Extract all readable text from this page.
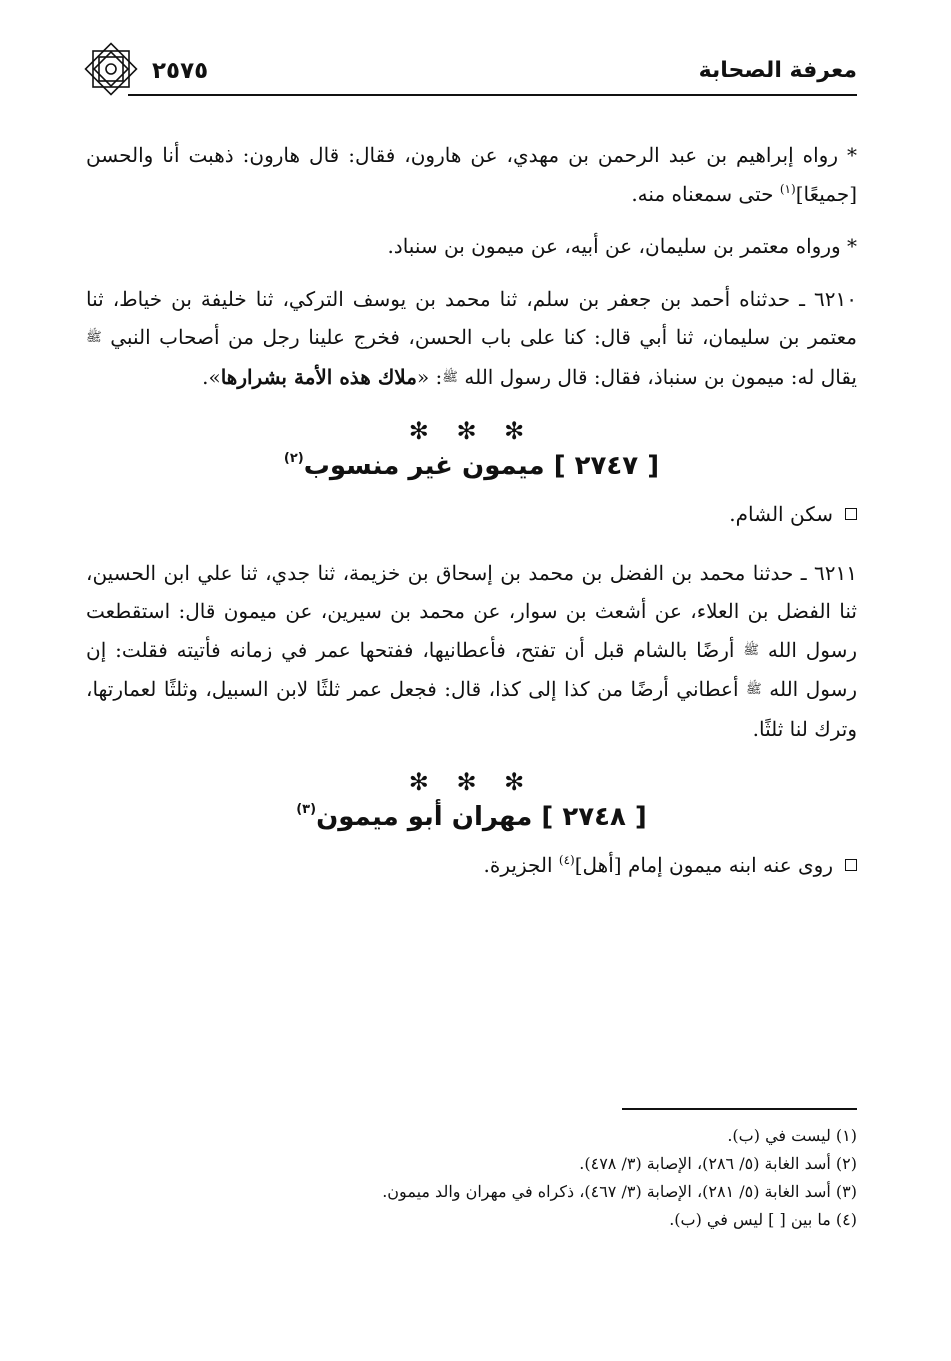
معرفة الصحابة
٢٥٧٥

* رواه إبراهيم بن عبد الرحمن بن مهدي، عن هارون، فقال: قال هارون: ذهبت أنا والحسن [جميعًا]$^{(١)}$ حتى سمعناه منه.

* ورواه معتمر بن سليمان، عن أبيه، عن ميمون بن سنباد.

٦٢١٠ ـ حدثناه أحمد بن جعفر بن سلم، ثنا محمد بن يوسف التركي، ثنا خليفة بن خياط، ثنا معتمر بن سليمان، ثنا أبي قال: كنا على باب الحسن، فخرج علينا رجل من أصحاب النبي ﷺ يقال له: ميمون بن سنباذ، فقال: قال رسول الله ﷺ: «ملاك هذه الأمة بشرارها».

✻ ✻ ✻
[ ٢٧٤٧ ] ميمون غير منسوب$^{(٢)}$

سكن الشام.

٦٢١١ ـ حدثنا محمد بن الفضل بن محمد بن إسحاق بن خزيمة، ثنا جدي، ثنا علي ابن الحسين، ثنا الفضل بن العلاء، عن أشعث بن سوار، عن محمد بن سيرين، عن ميمون قال: استقطعت رسول الله ﷺ أرضًا بالشام قبل أن تفتح، فأعطانيها، ففتحها عمر في زمانه فأتيته فقلت: إن رسول الله ﷺ أعطاني أرضًا من كذا إلى كذا، قال: فجعل عمر ثلثًا لابن السبيل، وثلثًا لعمارتها، وترك لنا ثلثًا.

✻ ✻ ✻
[ ٢٧٤٨ ] مهران أبو ميمون$^{(٣)}$

روى عنه ابنه ميمون إمام [أهل]$^{(٤)}$ الجزيرة.

(١) ليست في (ب).

(٢) أسد الغابة (٥/ ٢٨٦)، الإصابة (٣/ ٤٧٨).

(٣) أسد الغابة (٥/ ٢٨١)، الإصابة (٣/ ٤٦٧)، ذكراه في مهران والد ميمون.

(٤) ما بين [ ] ليس في (ب).
